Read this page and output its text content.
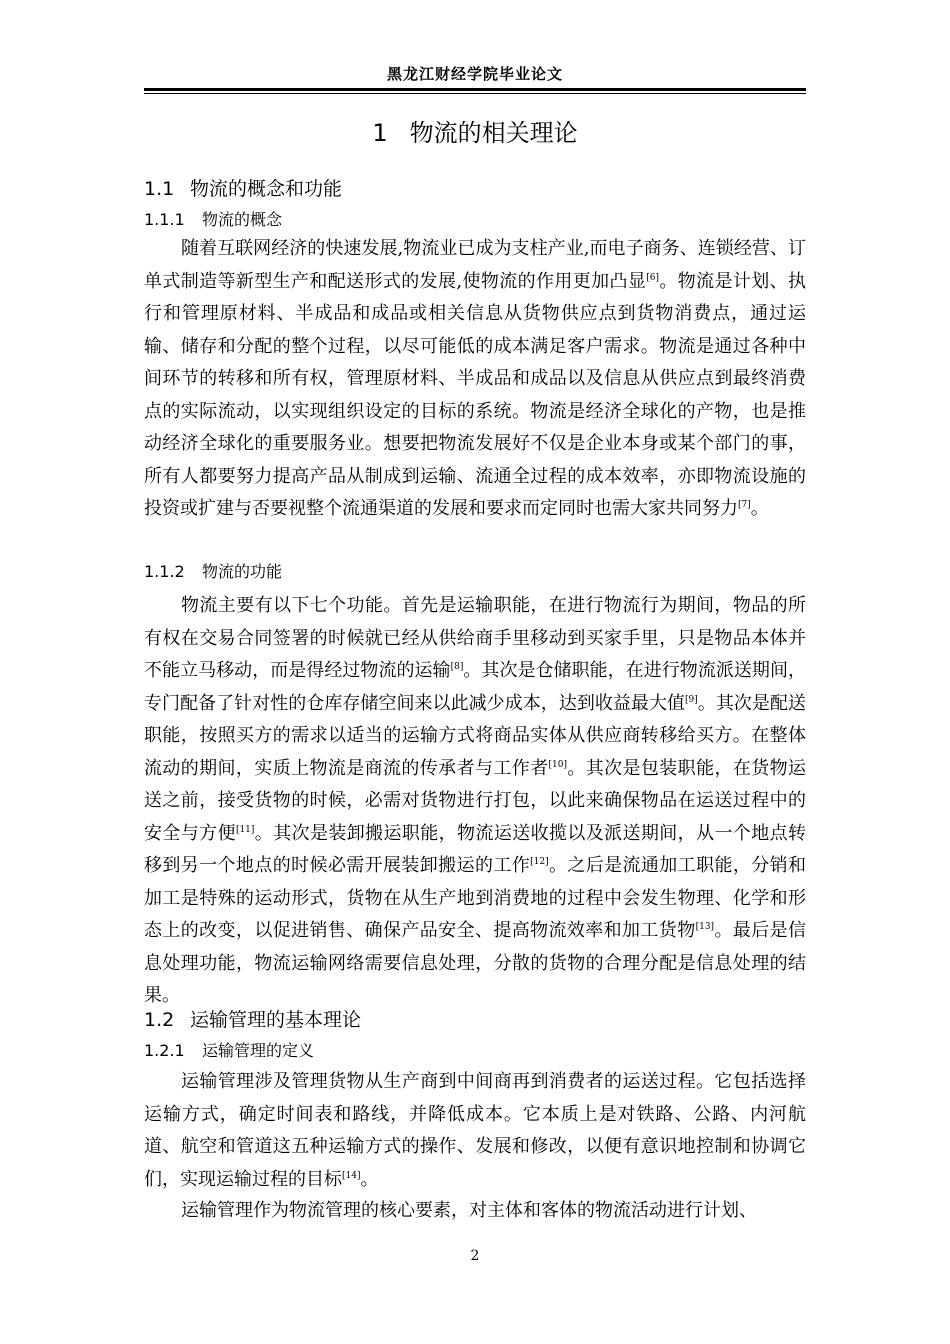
黑龙江财经学院毕业论文
1 物流的相关理论
1.1 物流的概念和功能
1.1.1 物流的概念

随着互联网经济的快速发展,物流业已成为支柱产业,而电子商务、连锁经营、订单式制造等新型生产和配送形式的发展,使物流的作用更加凸显[6]。物流是计划、执行和管理原材料、半成品和成品或相关信息从货物供应点到货物消费点，通过运输、储存和分配的整个过程，以尽可能低的成本满足客户需求。物流是通过各种中间环节的转移和所有权，管理原材料、半成品和成品以及信息从供应点到最终消费点的实际流动，以实现组织设定的目标的系统。物流是经济全球化的产物，也是推动经济全球化的重要服务业。想要把物流发展好不仅是企业本身或某个部门的事，所有人都要努力提高产品从制成到运输、流通全过程的成本效率，亦即物流设施的投资或扩建与否要视整个流通渠道的发展和要求而定同时也需大家共同努力[7]。

1.1.2 物流的功能

物流主要有以下七个功能。首先是运输职能，在进行物流行为期间，物品的所有权在交易合同签署的时候就已经从供给商手里移动到买家手里，只是物品本体并不能立马移动，而是得经过物流的运输[8]。其次是仓储职能，在进行物流派送期间，专门配备了针对性的仓库存储空间来以此减少成本，达到收益最大值[9]。其次是配送职能，按照买方的需求以适当的运输方式将商品实体从供应商转移给买方。在整体流动的期间，实质上物流是商流的传承者与工作者[10]。其次是包装职能，在货物运送之前，接受货物的时候，必需对货物进行打包，以此来确保物品在运送过程中的安全与方便[11]。其次是装卸搬运职能，物流运送收揽以及派送期间，从一个地点转移到另一个地点的时候必需开展装卸搬运的工作[12]。之后是流通加工职能，分销和加工是特殊的运动形式，货物在从生产地到消费地的过程中会发生物理、化学和形态上的改变，以促进销售、确保产品安全、提高物流效率和加工货物[13]。最后是信息处理功能，物流运输网络需要信息处理，分散的货物的合理分配是信息处理的结果。

1.2 运输管理的基本理论
1.2.1 运输管理的定义

运输管理涉及管理货物从生产商到中间商再到消费者的运送过程。它包括选择运输方式，确定时间表和路线，并降低成本。它本质上是对铁路、公路、内河航道、航空和管道这五种运输方式的操作、发展和修改，以便有意识地控制和协调它们，实现运输过程的目标[14]。

运输管理作为物流管理的核心要素，对主体和客体的物流活动进行计划、

2
